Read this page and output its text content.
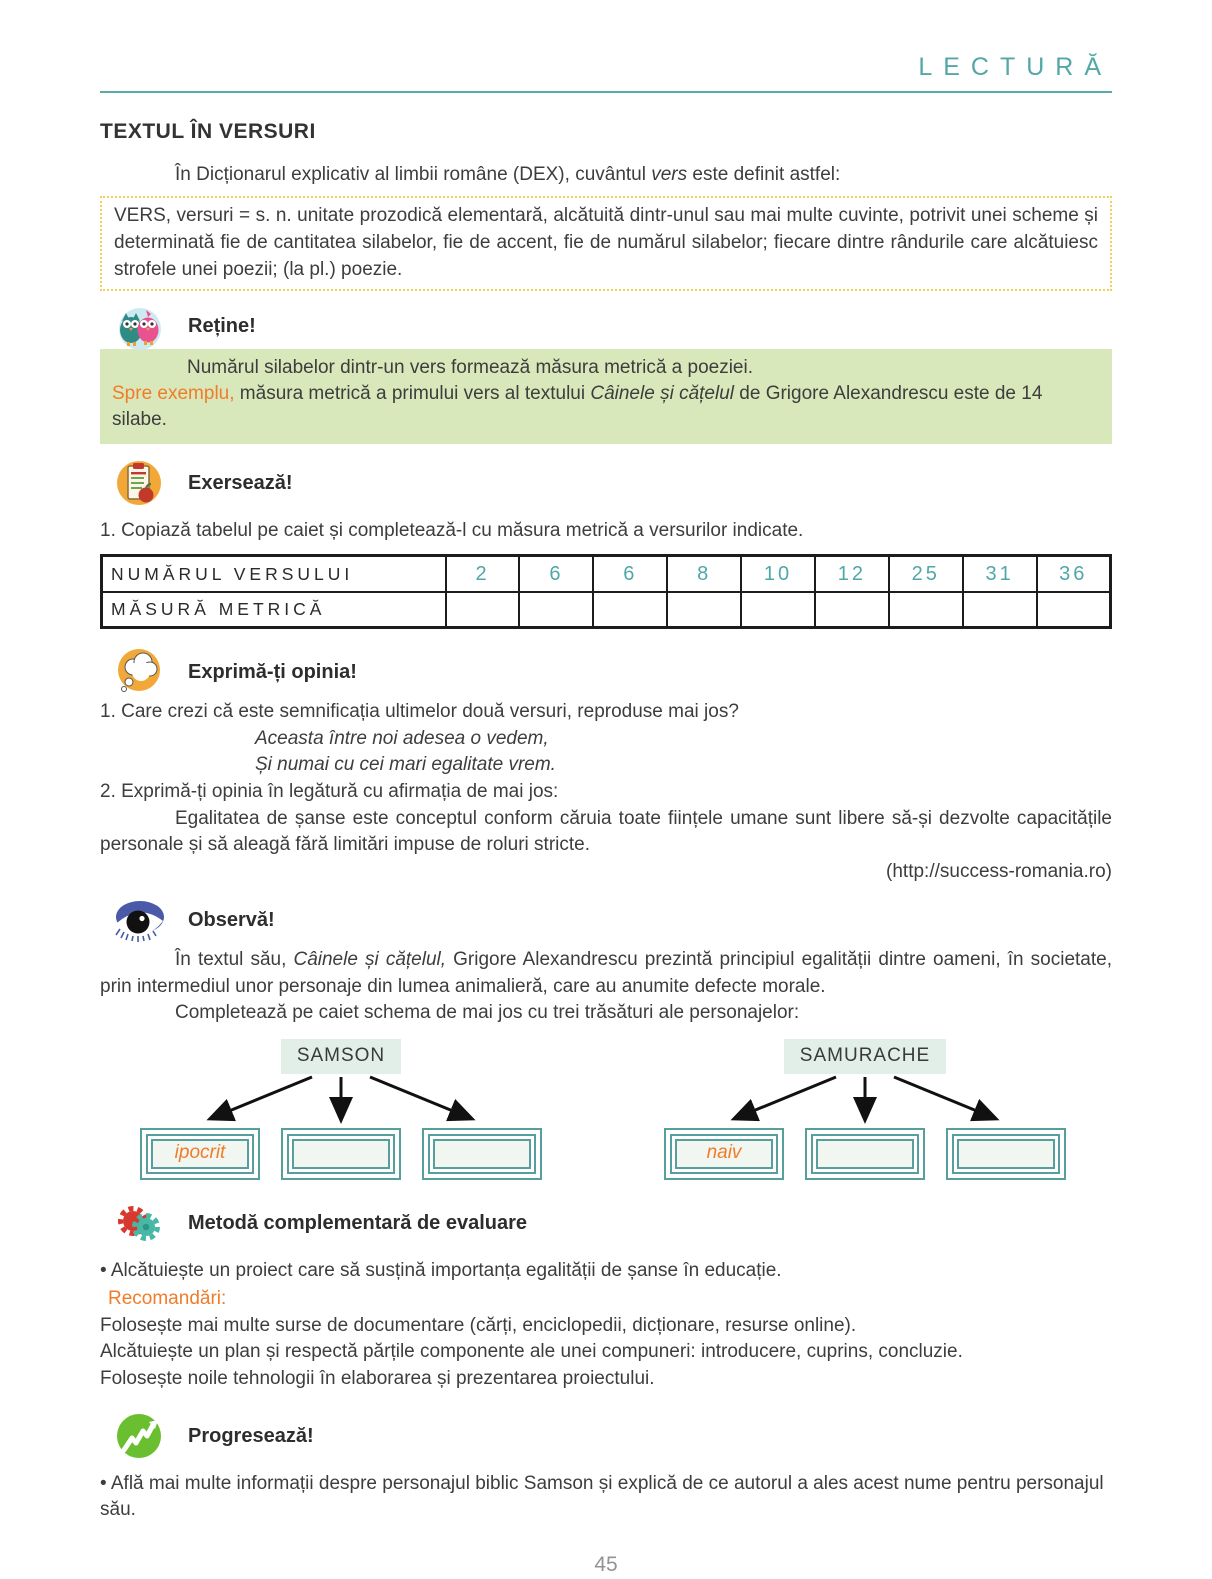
LECTURĂ
TEXTUL ÎN VERSURI

În Dicționarul explicativ al limbii române (DEX), cuvântul vers este definit astfel:

VERS, versuri = s. n. unitate prozodică elementară, alcătuită dintr-unul sau mai multe cuvinte, potrivit unei scheme și determinată fie de cantitatea silabelor, fie de accent, fie de numărul silabelor; fiecare dintre rândurile care alcătuiesc strofele unei poezii; (la pl.) poezie.
Reține!
Numărul silabelor dintr-un vers formează măsura metrică a poeziei.
Spre exemplu, măsura metrică a primului vers al textului Câinele și cățelul de Grigore Alexandrescu este de 14 silabe.
Exersează!

1. Copiază tabelul pe caiet și completează-l cu măsura metrică a versurilor indicate.

NUMĂRUL VERSULUI	2	6	6	8	10	12	25	31	36
MĂSURĂ METRICĂ									
Exprimă-ți opinia!

1. Care crezi că este semnificația ultimelor două versuri, reproduse mai jos?

Aceasta între noi adesea o vedem,

Și numai cu cei mari egalitate vrem.

2. Exprimă-ți opinia în legătură cu afirmația de mai jos:

Egalitatea de șanse este conceptul conform căruia toate ființele umane sunt libere să-și dezvolte capacitățile personale și să aleagă fără limitări impuse de roluri stricte.

(http://success-romania.ro)

Observă!

În textul său, Câinele și cățelul, Grigore Alexandrescu prezintă principiul egalității dintre oameni, în societate, prin intermediul unor personaje din lumea animalieră, care au anumite defecte morale.

Completează pe caiet schema de mai jos cu trei trăsături ale personajelor:

SAMSON
ipocrit
SAMURACHE
naiv
Metodă complementară de evaluare

• Alcătuiește un proiect care să susțină importanța egalității de șanse în educație.

Recomandări:

Folosește mai multe surse de documentare (cărți, enciclopedii, dicționare, resurse online).

Alcătuiește un plan și respectă părțile componente ale unei compuneri: introducere, cuprins, concluzie.

Folosește noile tehnologii în elaborarea și prezentarea proiectului.

Progresează!

• Află mai multe informații despre personajul biblic Samson și explică de ce autorul a ales acest nume pentru personajul său.

45
